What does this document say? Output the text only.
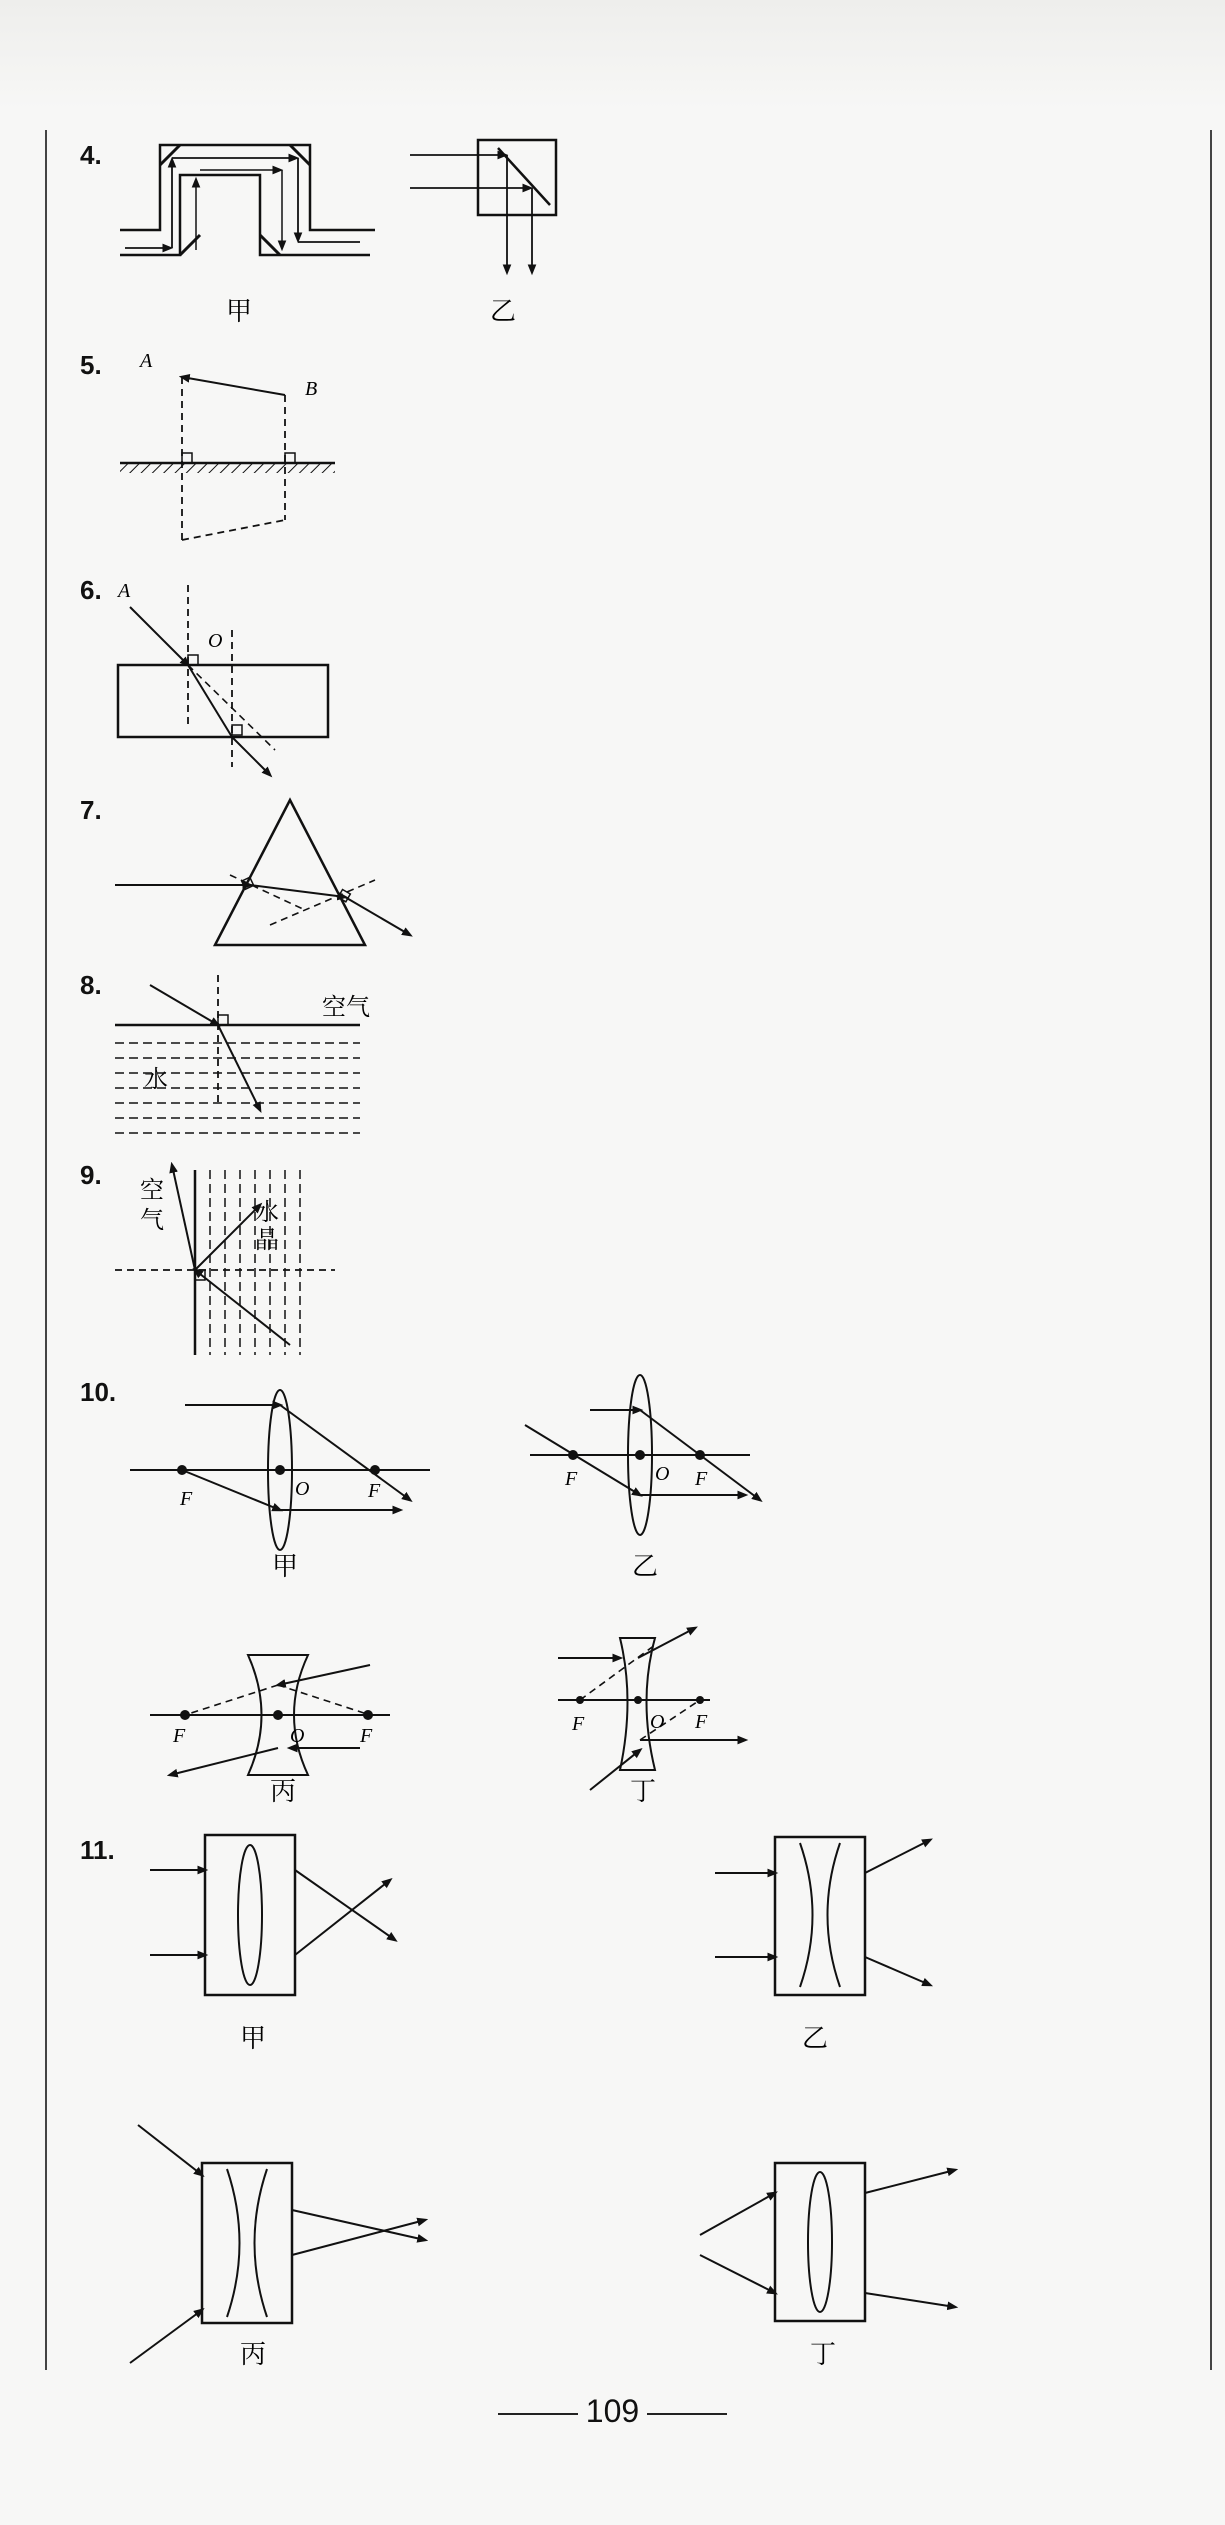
4.
甲	乙
5. A
B
6. A
O
7.
8.
空气
水
9.
空
气	水
晶
10.
F	O	F
甲
F	O F
乙
F	O	F
丙
F	O F
丁
11.
甲	乙
丙	丁
109
